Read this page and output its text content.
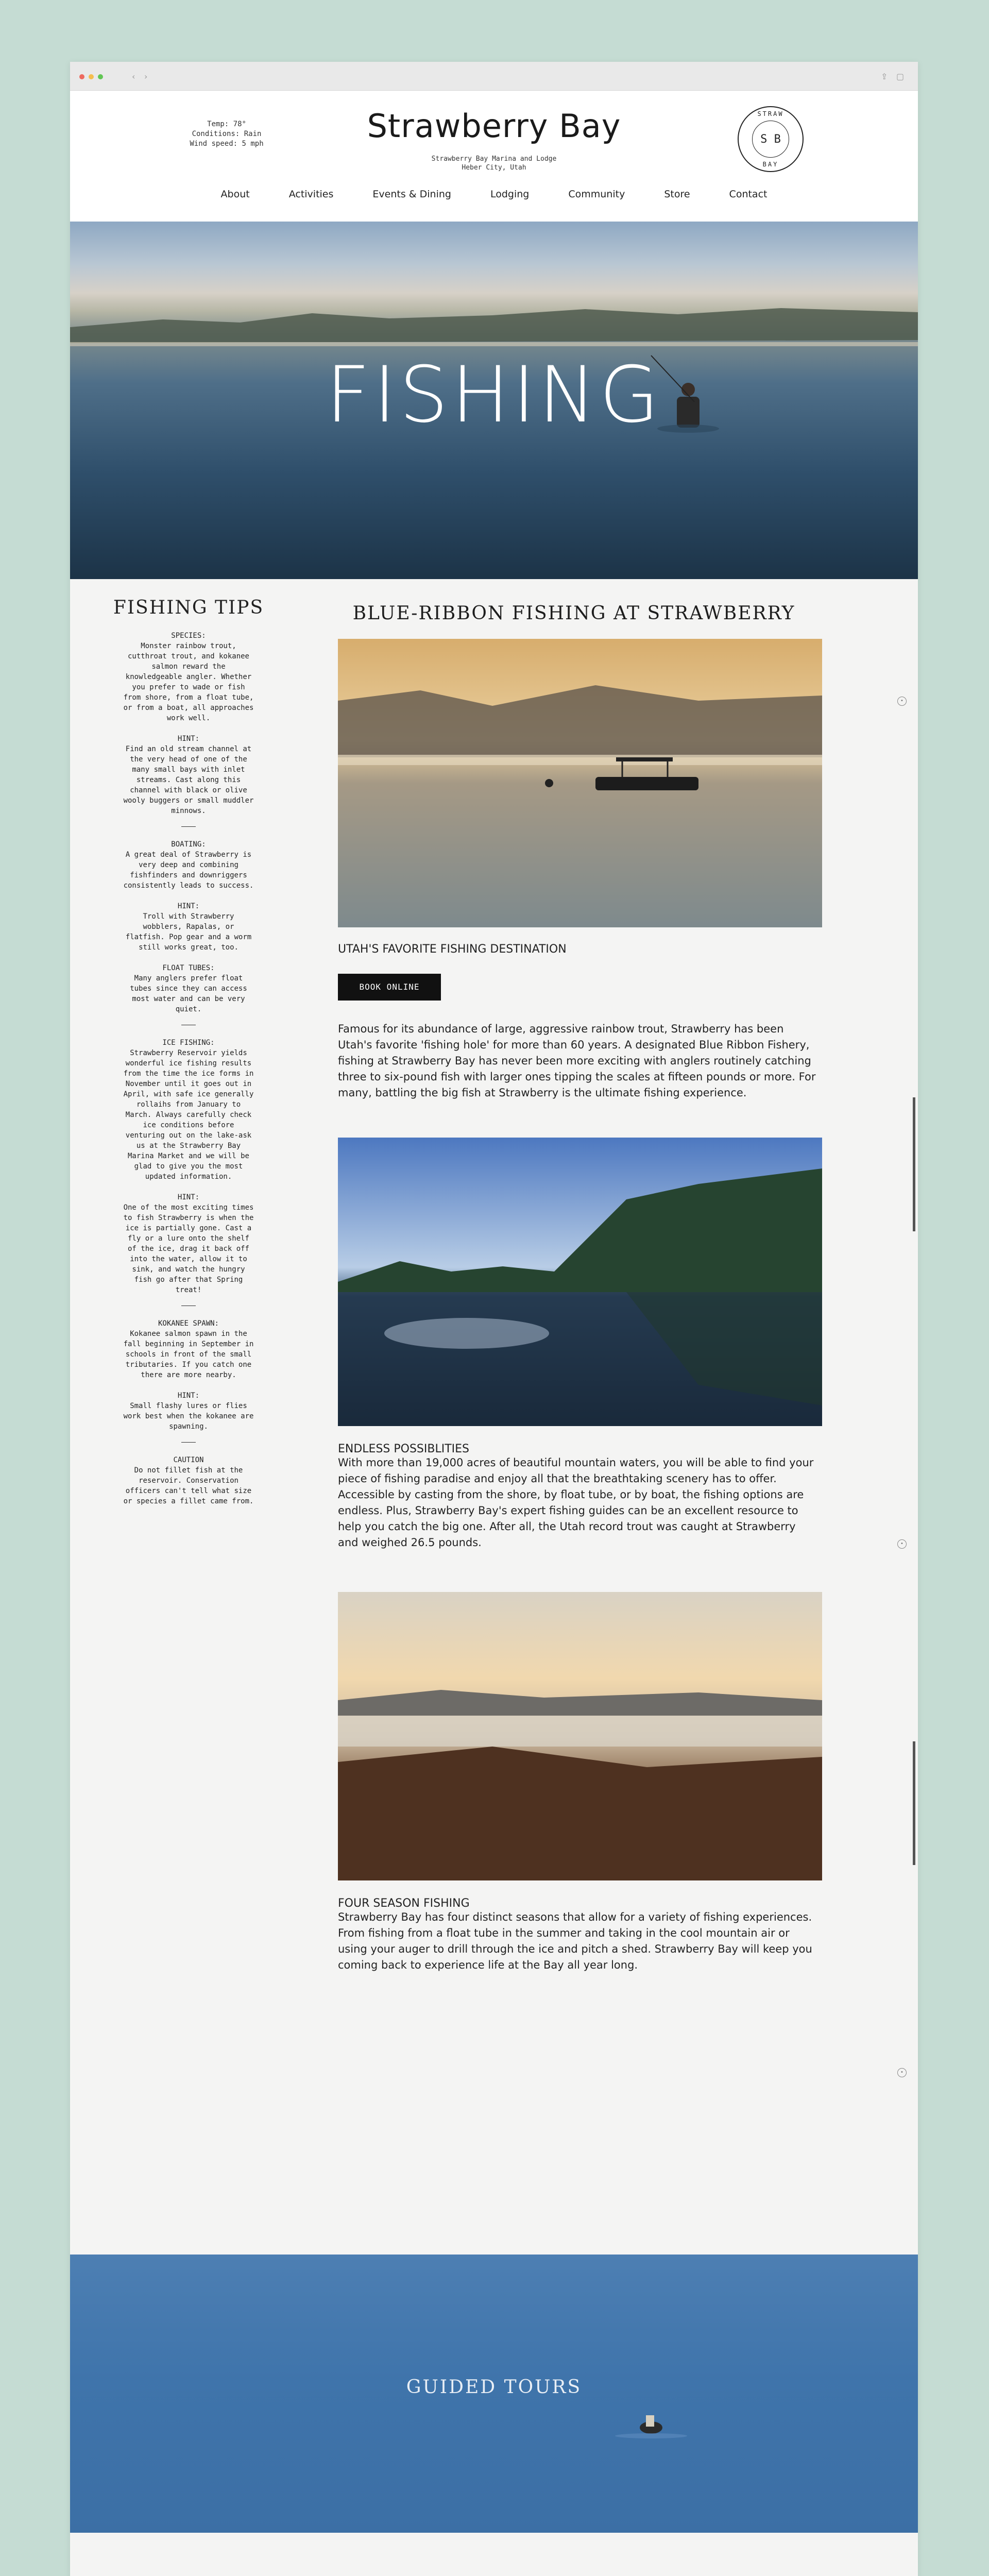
‹ ›	⇪ ▢
Temp: 78°
Conditions: Rain
Wind speed: 5 mph	Strawberry Bay
Strawberry Bay Marina and Lodge
Heber City, Utah
STRAW
S B
BAY
About	Activities	Events & Dining	Lodging	Community	Store	Contact
FISHING
FISHING TIPS
SPECIES:
Monster rainbow trout, cutthroat trout, and kokanee salmon reward the knowledgeable angler. Whether you prefer to wade or fish from shore, from a float tube, or from a boat, all approaches work well.
HINT:
Find an old stream channel at the very head of one of the many small bays with inlet streams. Cast along this channel with black or olive wooly buggers or small muddler minnows.
BOATING:
A great deal of Strawberry is very deep and combining fishfinders and downriggers consistently leads to success.
HINT:
Troll with Strawberry wobblers, Rapalas, or flatfish. Pop gear and a worm still works great, too.
FLOAT TUBES:
Many anglers prefer float tubes since they can access most water and can be very quiet.
ICE FISHING:
Strawberry Reservoir yields wonderful ice fishing results from the time the ice forms in November until it goes out in April, with safe ice generally rollaihs from January to March. Always carefully check ice conditions before venturing out on the lake-ask us at the Strawberry Bay Marina Market and we will be glad to give you the most updated information.
HINT:
One of the most exciting times to fish Strawberry is when the ice is partially gone. Cast a fly or a lure onto the shelf of the ice, drag it back off into the water, allow it to sink, and watch the hungry fish go after that Spring treat!
KOKANEE SPAWN:
Kokanee salmon spawn in the fall beginning in September in schools in front of the small tributaries. If you catch one there are more nearby.
HINT:
Small flashy lures or flies work best when the kokanee are spawning.
CAUTION
Do not fillet fish at the reservoir. Conservation officers can't tell what size or species a fillet came from.
BLUE-RIBBON FISHING AT STRAWBERRY
UTAH'S FAVORITE FISHING DESTINATION
BOOK ONLINE
Famous for its abundance of large, aggressive rainbow trout, Strawberry has been Utah's favorite 'fishing hole' for more than 60 years. A designated Blue Ribbon Fishery, fishing at Strawberry Bay has never been more exciting with anglers routinely catching three to six-pound fish with larger ones tipping the scales at fifteen pounds or more. For many, battling the big fish at Strawberry is the ultimate fishing experience.
ENDLESS POSSIBLITIES
With more than 19,000 acres of beautiful mountain waters, you will be able to find your piece of fishing paradise and enjoy all that the breathtaking scenery has to offer. Accessible by casting from the shore, by float tube, or by boat, the fishing options are endless. Plus, Strawberry Bay's expert fishing guides can be an excellent resource to help you catch the big one. After all, the Utah record trout was caught at Strawberry and weighed 26.5 pounds.
FOUR SEASON FISHING
Strawberry Bay has four distinct seasons that allow for a variety of fishing experiences. From fishing from a float tube in the summer and taking in the cool mountain air or using your auger to drill through the ice and pitch a shed. Strawberry Bay will keep you coming back to experience life at the Bay all year long.
•
•
•
GUIDED TOURS
